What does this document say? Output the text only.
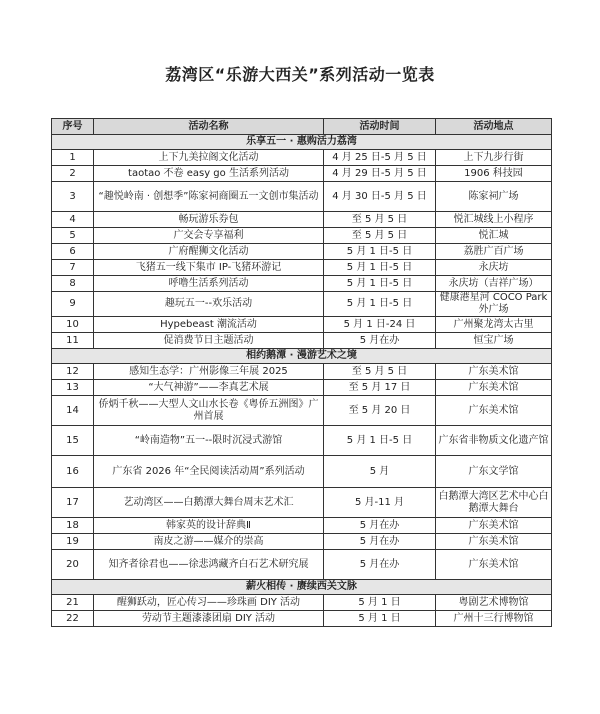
荔湾区“乐游大西关”系列活动一览表
序号	活动名称	活动时间	活动地点
乐享五一 · 惠购活力荔湾			
1	上下九美拉阁文化活动	4 月 25 日-5 月 5 日	上下九步行街
2	taotao 不卷 easy go 生活系列活动	4 月 29 日-5 月 5 日	1906 科技园
3	“趣悦岭南 · 创想季”陈家祠商圈五一文创市集活动	4 月 30 日-5 月 5 日	陈家祠广场
4	畅玩游乐券包	至 5 月 5 日	悦汇城线上小程序
5	广交会专享福利	至 5 月 5 日	悦汇城
6	广府醒狮文化活动	5 月 1 日-5 日	荔胜广百广场
7	飞猪五一线下集市 IP-飞猪环游记	5 月 1 日-5 日	永庆坊
8	呼噜生活系列活动	5 月 1 日-5 日	永庆坊（吉祥广场）
9	趣玩五一--欢乐活动	5 月 1 日-5 日	健康港星河 COCO Park 外广场
10	Hypebeast 潮流活动	5 月 1 日-24 日	广州聚龙湾太古里
11	促消费节日主题活动	5 月在办	恒宝广场
相约鹅潭 · 漫游艺术之境			
12	感知生态学：广州影像三年展 2025	至 5 月 5 日	广东美术馆
13	“大气神游”——李真艺术展	至 5 月 17 日	广东美术馆
14	侨炳千秋——大型人文山水长卷《粤侨五洲图》广州首展	至 5 月 20 日	广东美术馆
15	“岭南造物”五一--限时沉浸式游馆	5 月 1 日-5 日	广东省非物质文化遗产馆
16	广东省 2026 年“全民阅读活动周”系列活动	5 月	广东文学馆
17	艺动湾区——白鹅潭大舞台周末艺术汇	5 月-11 月	白鹅潭大湾区艺术中心白鹅潭大舞台
18	韩家英的设计辞典Ⅱ	5 月在办	广东美术馆
19	南皮之游——媒介的崇高	5 月在办	广东美术馆
20	知齐者徐君也——徐悲鸿藏齐白石艺术研究展	5 月在办	广东美术馆
薪火相传 · 赓续西关文脉			
21	醒狮跃动，匠心传习——珍珠画 DIY 活动	5 月 1 日	粤剧艺术博物馆
22	劳动节主题漆漆团扇 DIY 活动	5 月 1 日	广州十三行博物馆
